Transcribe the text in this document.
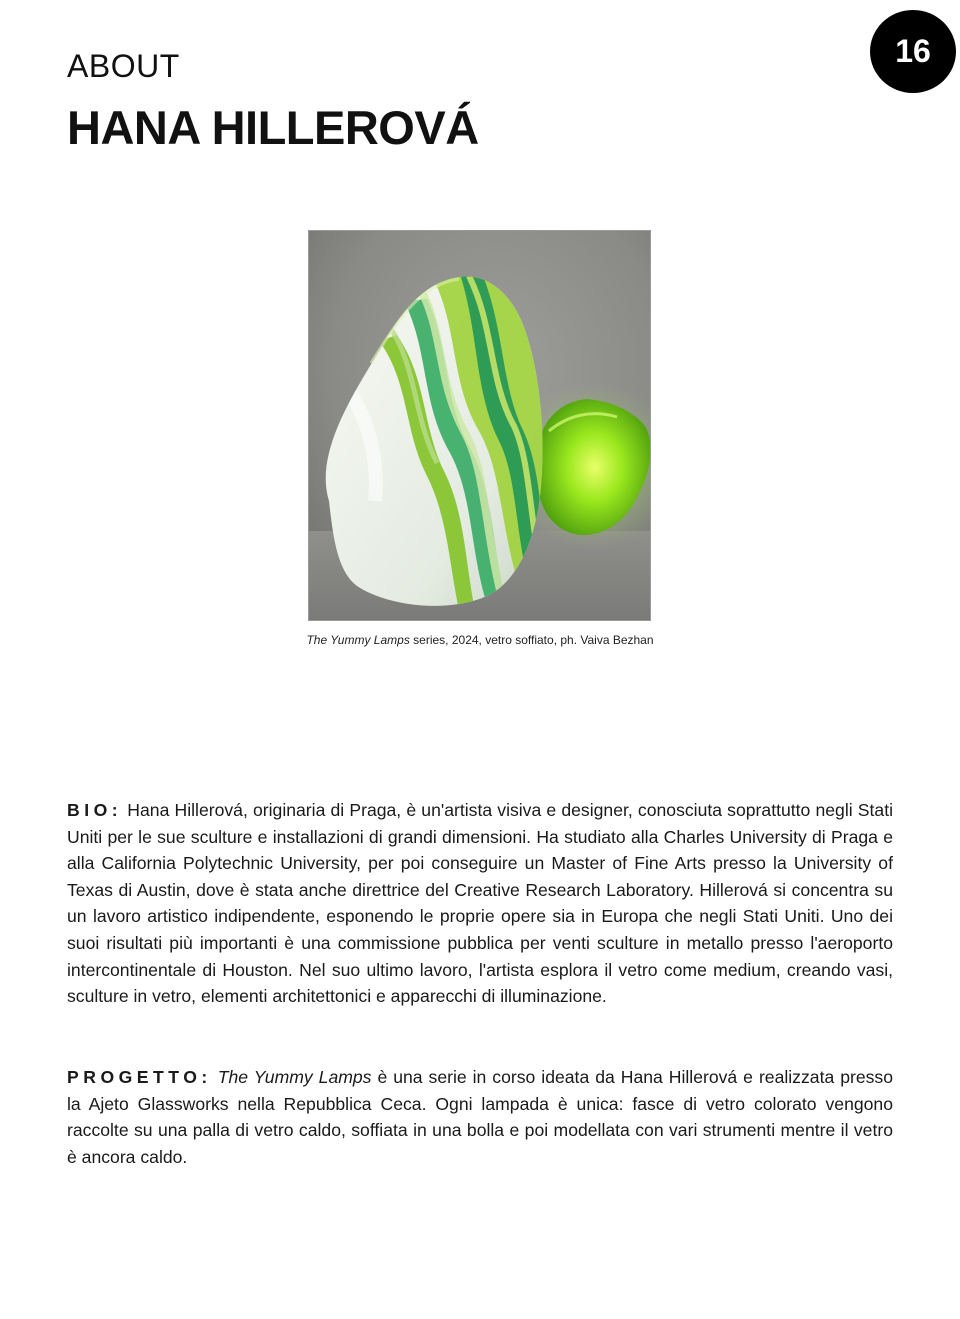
16
ABOUT
HANA HILLEROVÁ
The Yummy Lamps series, 2024, vetro soffiato, ph. Vaiva Bezhan

BIO: Hana Hillerová, originaria di Praga, è un'artista visiva e designer, conosciuta soprattutto negli Stati Uniti per le sue sculture e installazioni di grandi dimensioni. Ha studiato alla Charles University di Praga e alla California Polytechnic University, per poi conseguire un Master of Fine Arts presso la University of Texas di Austin, dove è stata anche direttrice del Creative Research Laboratory. Hillerová si concentra su un lavoro artistico indipendente, esponendo le proprie opere sia in Europa che negli Stati Uniti. Uno dei suoi risultati più importanti è una commissione pubblica per venti sculture in metallo presso l'aeroporto intercontinentale di Houston. Nel suo ultimo lavoro, l'artista esplora il vetro come medium, creando vasi, sculture in vetro, elementi architettonici e apparecchi di illuminazione.

PROGETTO: The Yummy Lamps è una serie in corso ideata da Hana Hillerová e realizzata presso la Ajeto Glassworks nella Repubblica Ceca. Ogni lampada è unica: fasce di vetro colorato vengono raccolte su una palla di vetro caldo, soffiata in una bolla e poi modellata con vari strumenti mentre il vetro è ancora caldo.
